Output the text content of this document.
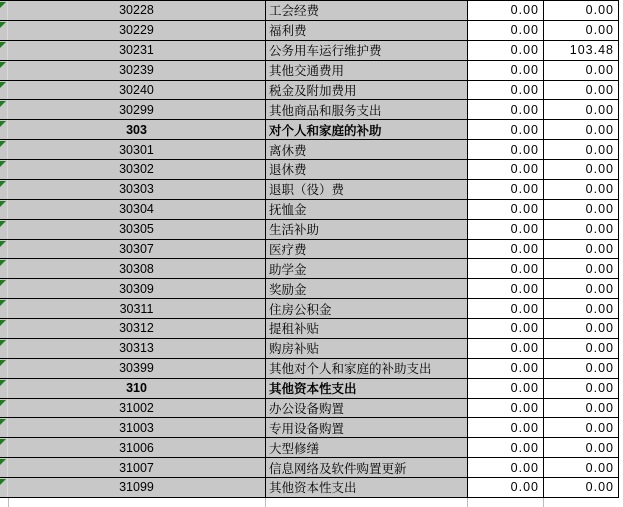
30228	工会经费	0.00	0.00
30229	福利费	0.00	0.00
30231	公务用车运行维护费	0.00 103.48
30239	其他交通费用	0.00	0.00
30240	税金及附加费用	0.00	0.00
30299	其他商品和服务支出	0.00	0.00
303	对个人和家庭的补助	0.00	0.00
30301	离休费	0.00	0.00
30302	退休费	0.00	0.00
30303	退职（役）费	0.00	0.00
30304	抚恤金	0.00	0.00
30305	生活补助	0.00	0.00
30307	医疗费	0.00	0.00
30308	助学金	0.00	0.00
30309	奖励金	0.00	0.00
30311	住房公积金	0.00	0.00
30312	提租补贴	0.00	0.00
30313	购房补贴	0.00	0.00
30399	其他对个人和家庭的补助支出	0.00	0.00
310	其他资本性支出	0.00	0.00
31002	办公设备购置	0.00	0.00
31003	专用设备购置	0.00	0.00
31006	大型修缮	0.00	0.00
31007	信息网络及软件购置更新	0.00	0.00
31099	其他资本性支出	0.00	0.00
